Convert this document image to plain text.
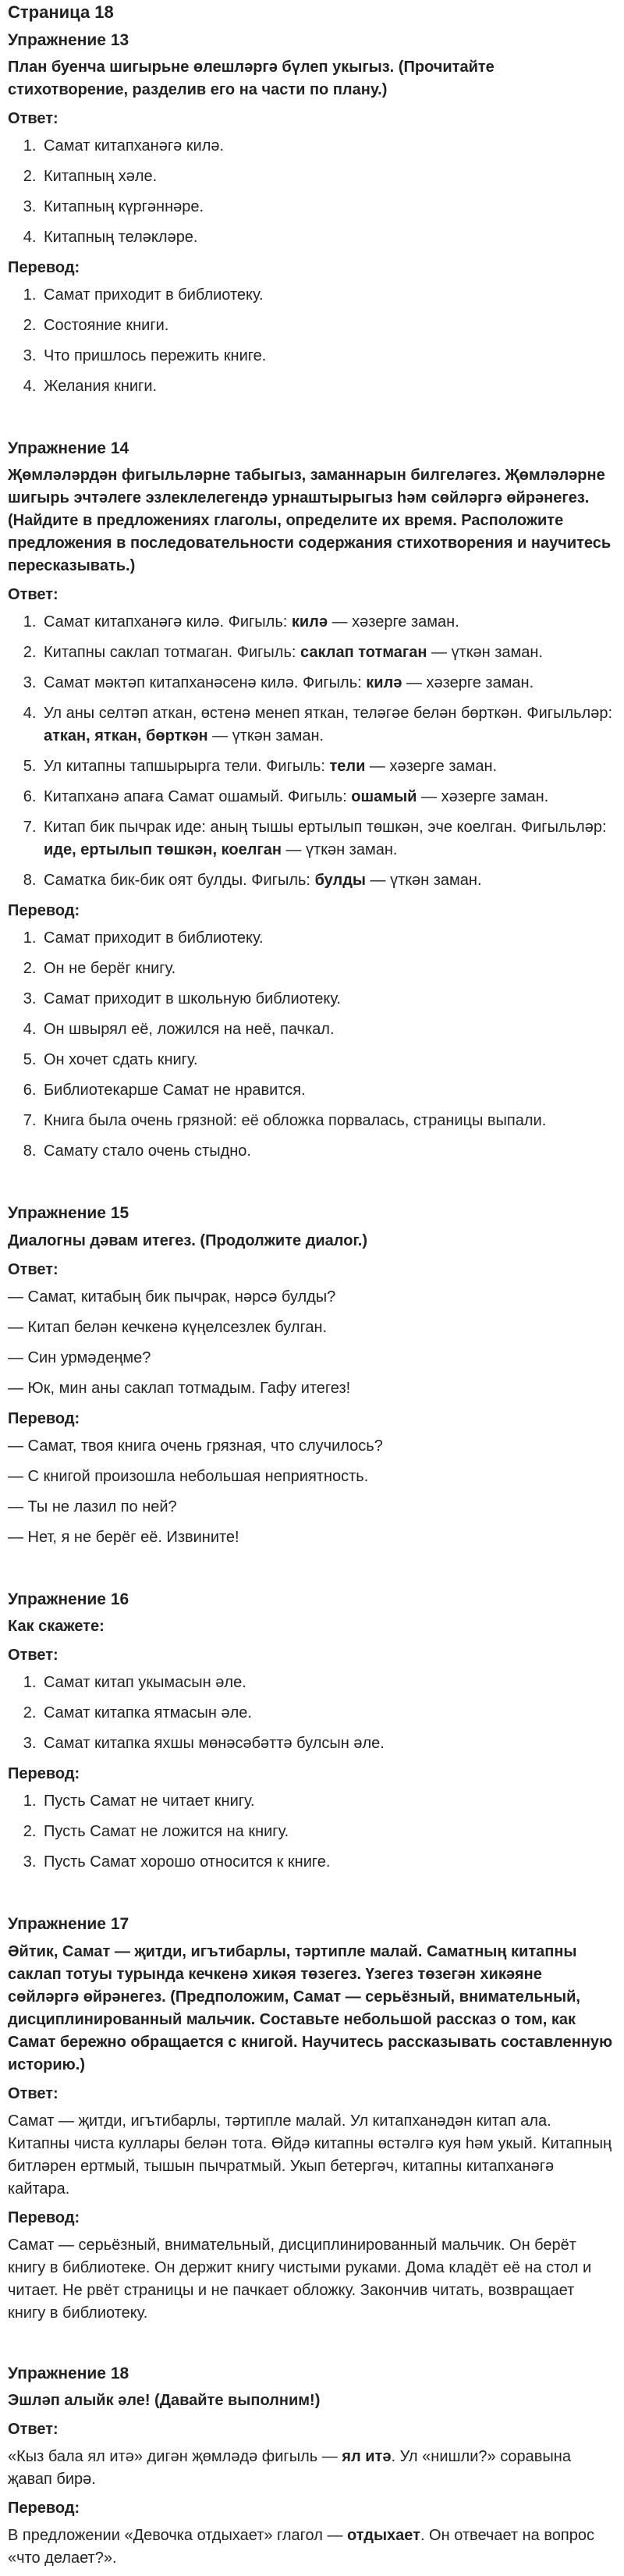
Страница 18
Упражнение 13
План буенча шигырьне өлешләргә бүлеп укыгыз. (Прочитайте стихотворение, разделив его на части по плану.)
Ответ:
1. Самат китапханәгә килә.
2. Китапның хәле.
3. Китапның күргәннәре.
4. Китапның теләкләре.
Перевод:
1. Самат приходит в библиотеку.
2. Состояние книги.
3. Что пришлось пережить книге.
4. Желания книги.
Упражнение 14
Җөмләләрдән фигыльләрне табыгыз, заманнарын билгеләгез. Җөмләләрне шигырь эчтәлеге эзлеклелегендә урнаштырыгыз һәм сөйләргә өйрәнегез. (Найдите в предложениях глаголы, определите их время. Расположите предложения в последовательности содержания стихотворения и научитесь пересказывать.)
Ответ:
1. Самат китапханәгә килә. Фигыль: килә — хәзерге заман.
2. Китапны саклап тотмаган. Фигыль: саклап тотмаган — үткән заман.
3. Самат мәктәп китапханәсенә килә. Фигыль: килә — хәзерге заман.
4. Ул аны селтәп аткан, өстенә менеп яткан, теләгәе белән бөрткән. Фигыльләр: аткан, яткан, бөрткән — үткән заман.
5. Ул китапны тапшырырга тели. Фигыль: тели — хәзерге заман.
6. Китапханә апаға Самат ошамый. Фигыль: ошамый — хәзерге заман.
7. Китап бик пычрак иде: аның тышы ертылып төшкән, эче коелган. Фигыльләр: иде, ертылып төшкән, коелган — үткән заман.
8. Саматка бик-бик оят булды. Фигыль: булды — үткән заман.
Перевод:
1. Самат приходит в библиотеку.
2. Он не берёг книгу.
3. Самат приходит в школьную библиотеку.
4. Он швырял её, ложился на неё, пачкал.
5. Он хочет сдать книгу.
6. Библиотекарше Самат не нравится.
7. Книга была очень грязной: её обложка порвалась, страницы выпали.
8. Самату стало очень стыдно.
Упражнение 15
Диалогны дәвам итегез. (Продолжите диалог.)
Ответ:
— Самат, китабың бик пычрак, нәрсә булды?
— Китап белән кечкенә күңелсезлек булган.
— Син урмәдеңме?
— Юк, мин аны саклап тотмадым. Гафу итегез!
Перевод:
— Самат, твоя книга очень грязная, что случилось?
— С книгой произошла небольшая неприятность.
— Ты не лазил по ней?
— Нет, я не берёг её. Извините!
Упражнение 16
Как скажете:
Ответ:
1. Самат китап укымасын әле.
2. Самат китапка ятмасын әле.
3. Самат китапка яхшы мөнәсәбәттә булсын әле.
Перевод:
1. Пусть Самат не читает книгу.
2. Пусть Самат не ложится на книгу.
3. Пусть Самат хорошо относится к книге.
Упражнение 17
Әйтик, Самат — җитди, игътибарлы, тәртипле малай. Саматның китапны саклап тотуы турында кечкенә хикәя төзегез. Үзегез төзегән хикәяне сөйләргә өйрәнегез. (Предположим, Самат — серьёзный, внимательный, дисциплинированный мальчик. Составьте небольшой рассказ о том, как Самат бережно обращается с книгой. Научитесь рассказывать составленную историю.)
Ответ:
Самат — җитди, игътибарлы, тәртипле малай. Ул китапханәдән китап ала. Китапны чиста куллары белән тота. Өйдә китапны өстәлгә куя һәм укый. Китапның битләрен ертмый, тышын пычратмый. Укып бетергәч, китапны китапханәгә кайтара.
Перевод:
Самат — серьёзный, внимательный, дисциплинированный мальчик. Он берёт книгу в библиотеке. Он держит книгу чистыми руками. Дома кладёт её на стол и читает. Не рвёт страницы и не пачкает обложку. Закончив читать, возвращает книгу в библиотеку.
Упражнение 18
Эшләп алыйк әле! (Давайте выполним!)
Ответ:
«Кыз бала ял итә» дигән җөмләдә фигыль — ял итә. Ул «нишли?» соравына җавап бирә.
Перевод:
В предложении «Девочка отдыхает» глагол — отдыхает. Он отвечает на вопрос «что делает?».
